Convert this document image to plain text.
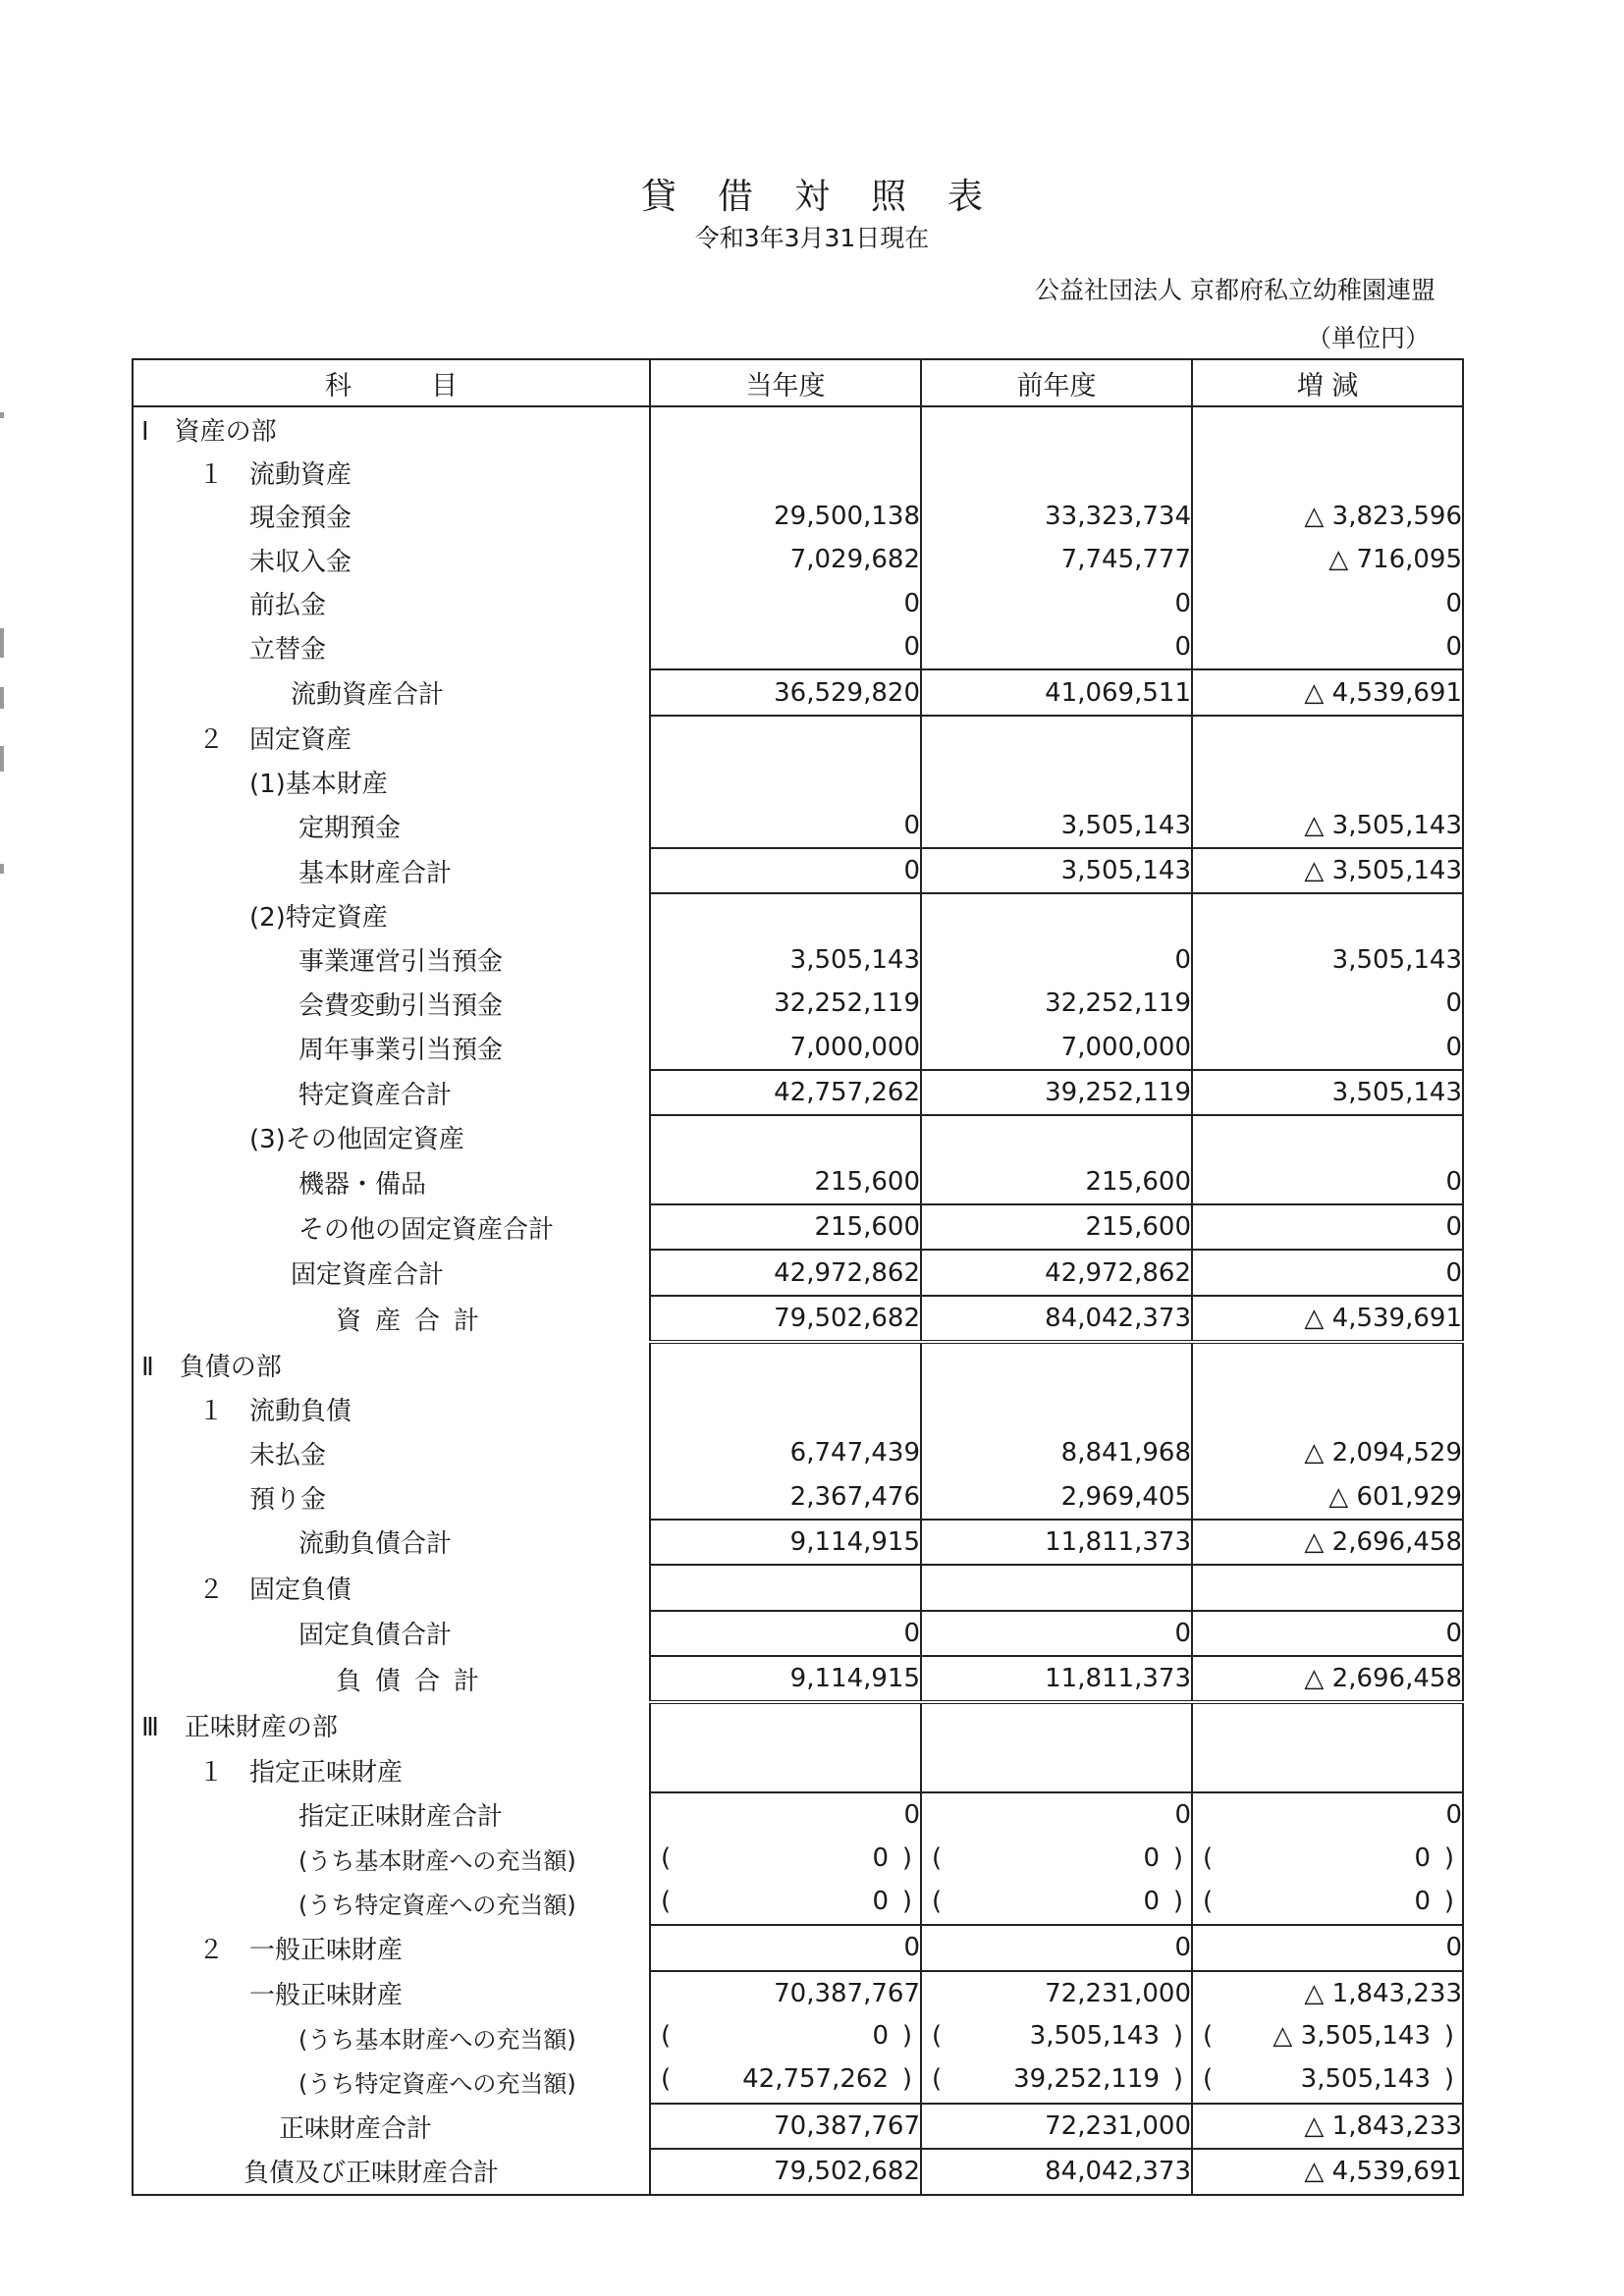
貸借対照表
令和3年3月31日現在
公益社団法人 京都府私立幼稚園連盟
（単位円）
科　　　目	当年度	前年度	増 減
Ⅰ　資産の部			
１　流動資産			
現金預金	29,500,138	33,323,734	△ 3,823,596
未収入金	7,029,682	7,745,777	△ 716,095
前払金	0	0	0
立替金	0	0	0
流動資産合計	36,529,820	41,069,511	△ 4,539,691
２　固定資産			
(1)基本財産			
定期預金	0	3,505,143	△ 3,505,143
基本財産合計	0	3,505,143	△ 3,505,143
(2)特定資産			
事業運営引当預金	3,505,143	0	3,505,143
会費変動引当預金	32,252,119	32,252,119	0
周年事業引当預金	7,000,000	7,000,000	0
特定資産合計	42,757,262	39,252,119	3,505,143
(3)その他固定資産			
機器・備品	215,600	215,600	0
その他の固定資産合計	215,600	215,600	0
固定資産合計	42,972,862	42,972,862	0
資産合計	79,502,682	84,042,373	△ 4,539,691
Ⅱ　負債の部			
１　流動負債			
未払金	6,747,439	8,841,968	△ 2,094,529
預り金	2,367,476	2,969,405	△ 601,929
流動負債合計	9,114,915	11,811,373	△ 2,696,458
２　固定負債			
固定負債合計	0	0	0
負債合計	9,114,915	11,811,373	△ 2,696,458
Ⅲ　正味財産の部			
１　指定正味財産			
指定正味財産合計	0	0	0
(うち基本財産への充当額)	( 0 )	( 0 )	( 0 )

(うち特定資産への充当額)	( 0 )	( 0 )	( 0 )

２　一般正味財産	0	0	0
一般正味財産	70,387,767	72,231,000	△ 1,843,233
(うち基本財産への充当額)	( 0 )	( 3,505,143 )	( △ 3,505,143 )

(うち特定資産への充当額)	( 42,757,262 )	( 39,252,119 )	( 3,505,143 )

正味財産合計	70,387,767	72,231,000	△ 1,843,233
負債及び正味財産合計	79,502,682	84,042,373	△ 4,539,691
